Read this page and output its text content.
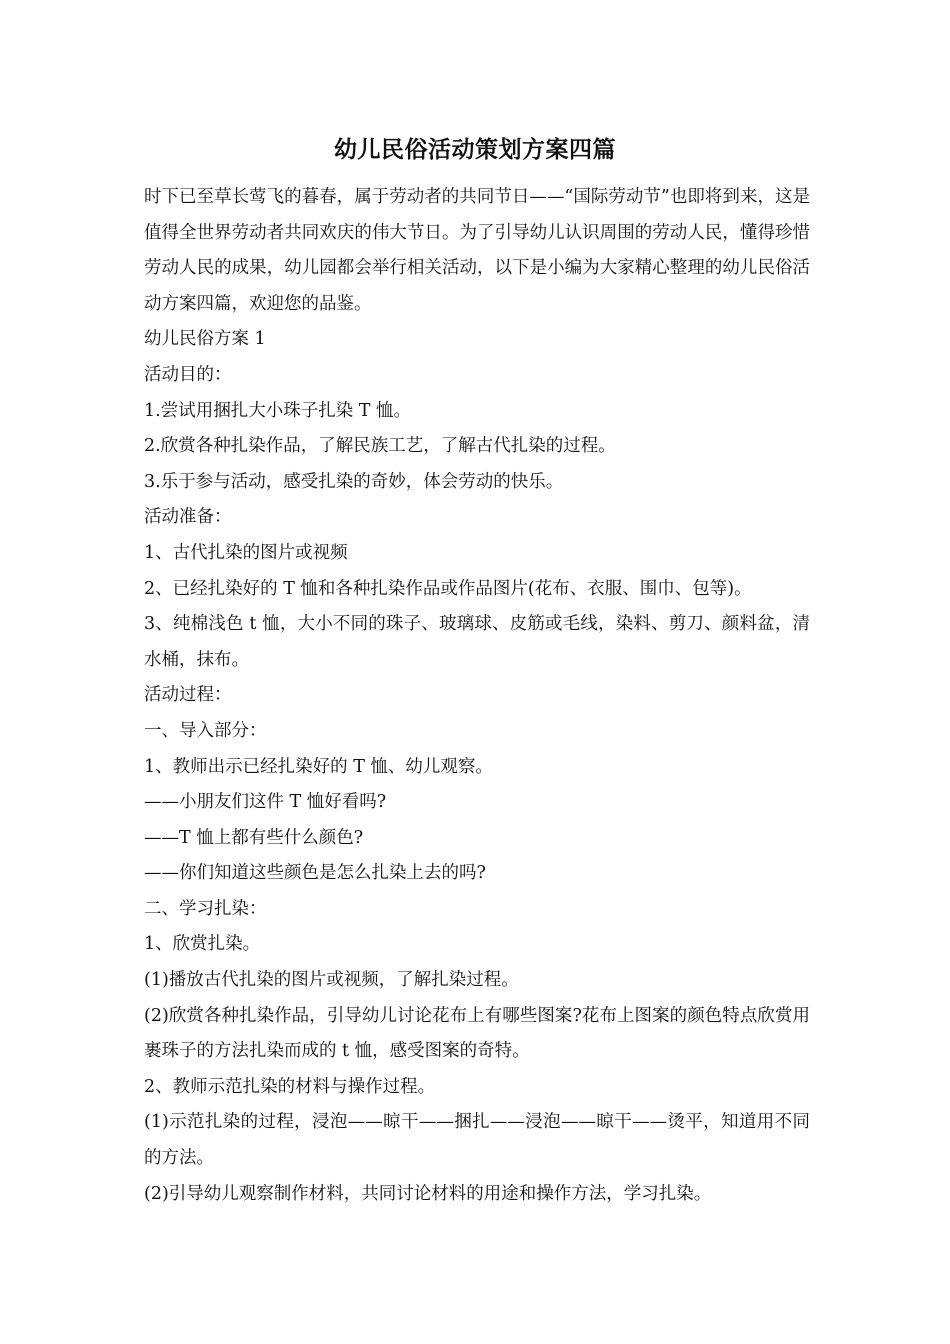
幼儿民俗活动策划方案四篇

时下已至草长莺飞的暮春，属于劳动者的共同节日——“国际劳动节”也即将到来，这是值得全世界劳动者共同欢庆的伟大节日。为了引导幼儿认识周围的劳动人民，懂得珍惜劳动人民的成果，幼儿园都会举行相关活动，以下是小编为大家精心整理的幼儿民俗活动方案四篇，欢迎您的品鉴。

幼儿民俗方案 1

活动目的：

1.尝试用捆扎大小珠子扎染 T 恤。

2.欣赏各种扎染作品，了解民族工艺，了解古代扎染的过程。

3.乐于参与活动，感受扎染的奇妙，体会劳动的快乐。

活动准备：

1、古代扎染的图片或视频

2、已经扎染好的 T 恤和各种扎染作品或作品图片(花布、衣服、围巾、包等)。

3、纯棉浅色 t 恤，大小不同的珠子、玻璃球、皮筋或毛线，染料、剪刀、颜料盆，清水桶，抹布。

活动过程：

一、导入部分：

1、教师出示已经扎染好的 T 恤、幼儿观察。

——小朋友们这件 T 恤好看吗?

——T 恤上都有些什么颜色?

——你们知道这些颜色是怎么扎染上去的吗?

二、学习扎染：

1、欣赏扎染。

(1)播放古代扎染的图片或视频，了解扎染过程。

(2)欣赏各种扎染作品，引导幼儿讨论花布上有哪些图案?花布上图案的颜色特点欣赏用裹珠子的方法扎染而成的 t 恤，感受图案的奇特。

2、教师示范扎染的材料与操作过程。

(1)示范扎染的过程，浸泡——晾干——捆扎——浸泡——晾干——烫平，知道用不同的方法。

(2)引导幼儿观察制作材料，共同讨论材料的用途和操作方法，学习扎染。
